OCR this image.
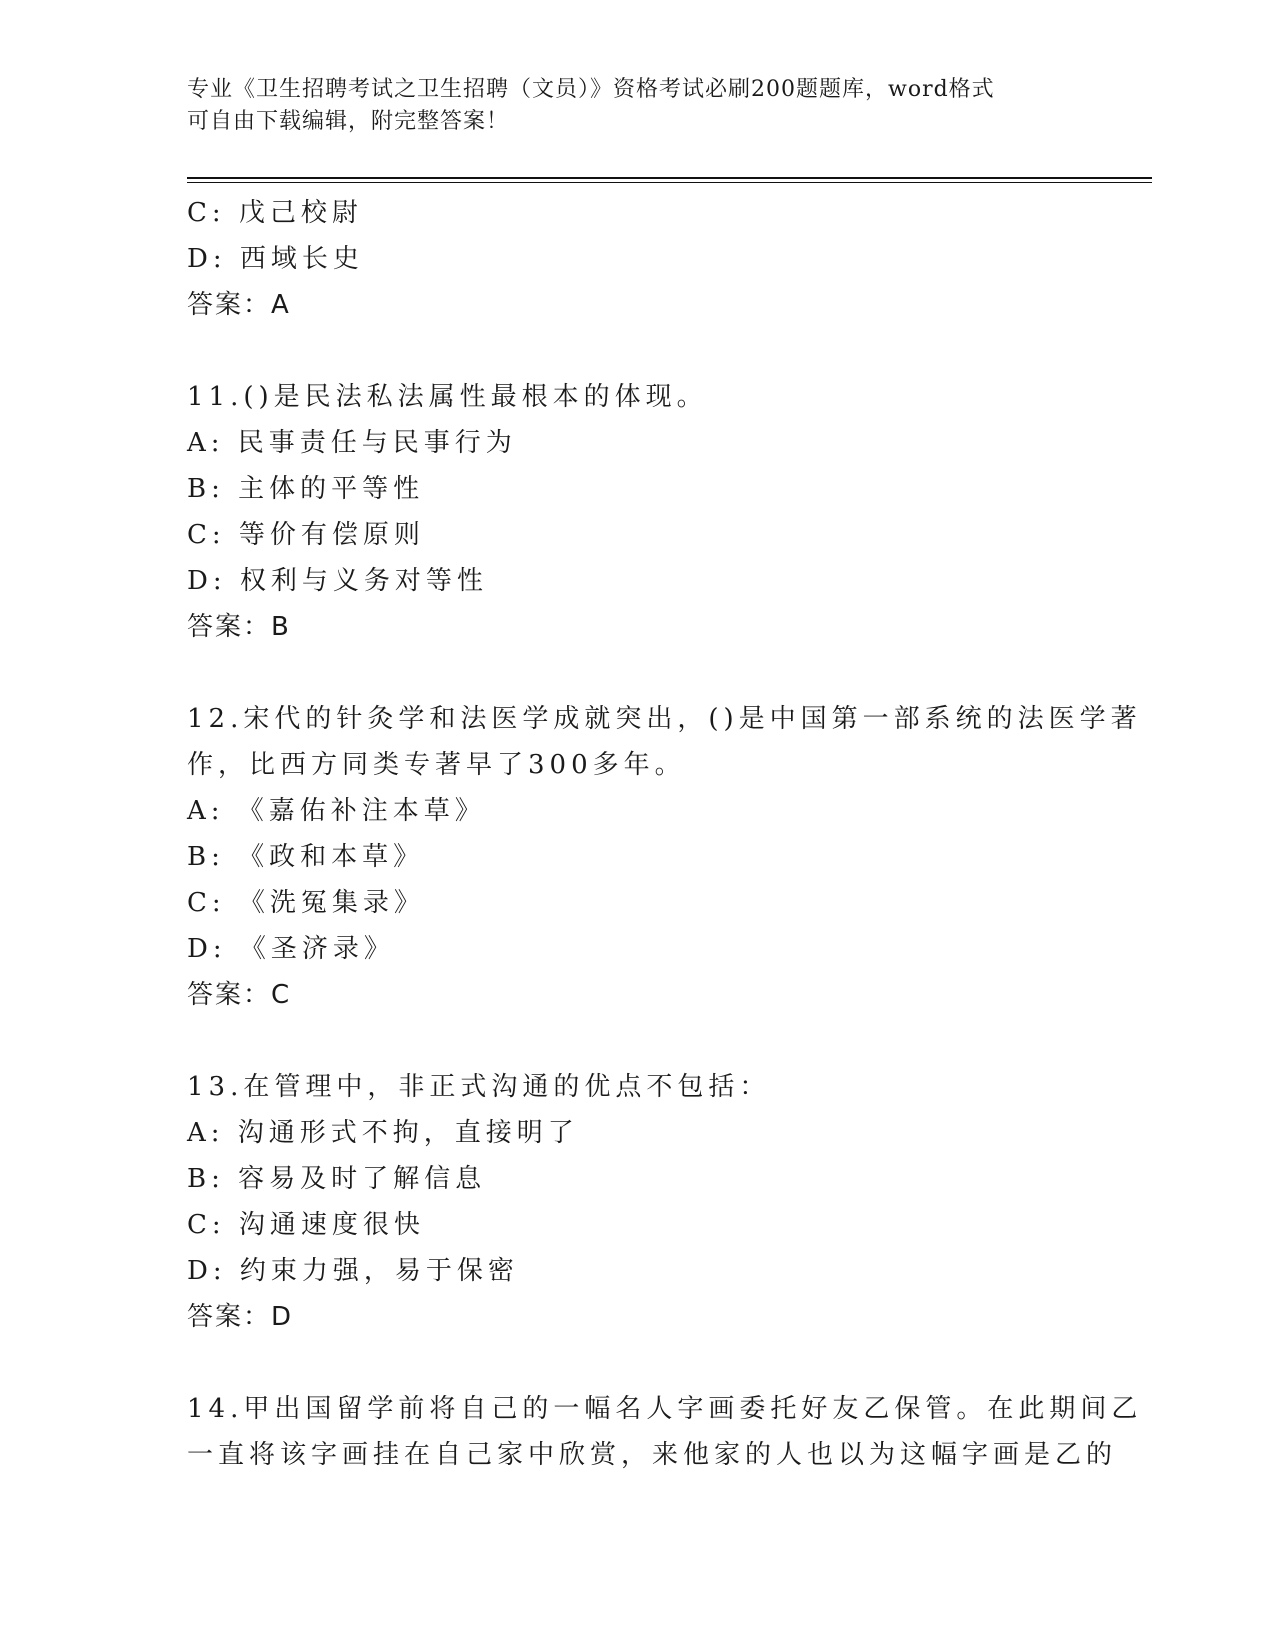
专业《卫生招聘考试之卫生招聘（文员）》资格考试必刷200题题库，word格式
可自由下载编辑，附完整答案！
C: 戊己校尉
D: 西域长史
答案：A
11.()是民法私法属性最根本的体现。
A: 民事责任与民事行为
B: 主体的平等性
C: 等价有偿原则
D: 权利与义务对等性
答案：B
12.宋代的针灸学和法医学成就突出，()是中国第一部系统的法医学著
作，比西方同类专著早了300多年。
A: 《嘉佑补注本草》
B: 《政和本草》
C: 《洗冤集录》
D: 《圣济录》
答案：C
13.在管理中，非正式沟通的优点不包括：
A: 沟通形式不拘，直接明了
B: 容易及时了解信息
C: 沟通速度很快
D: 约束力强，易于保密
答案：D
14.甲出国留学前将自己的一幅名人字画委托好友乙保管。在此期间乙
一直将该字画挂在自己家中欣赏，来他家的人也以为这幅字画是乙的
